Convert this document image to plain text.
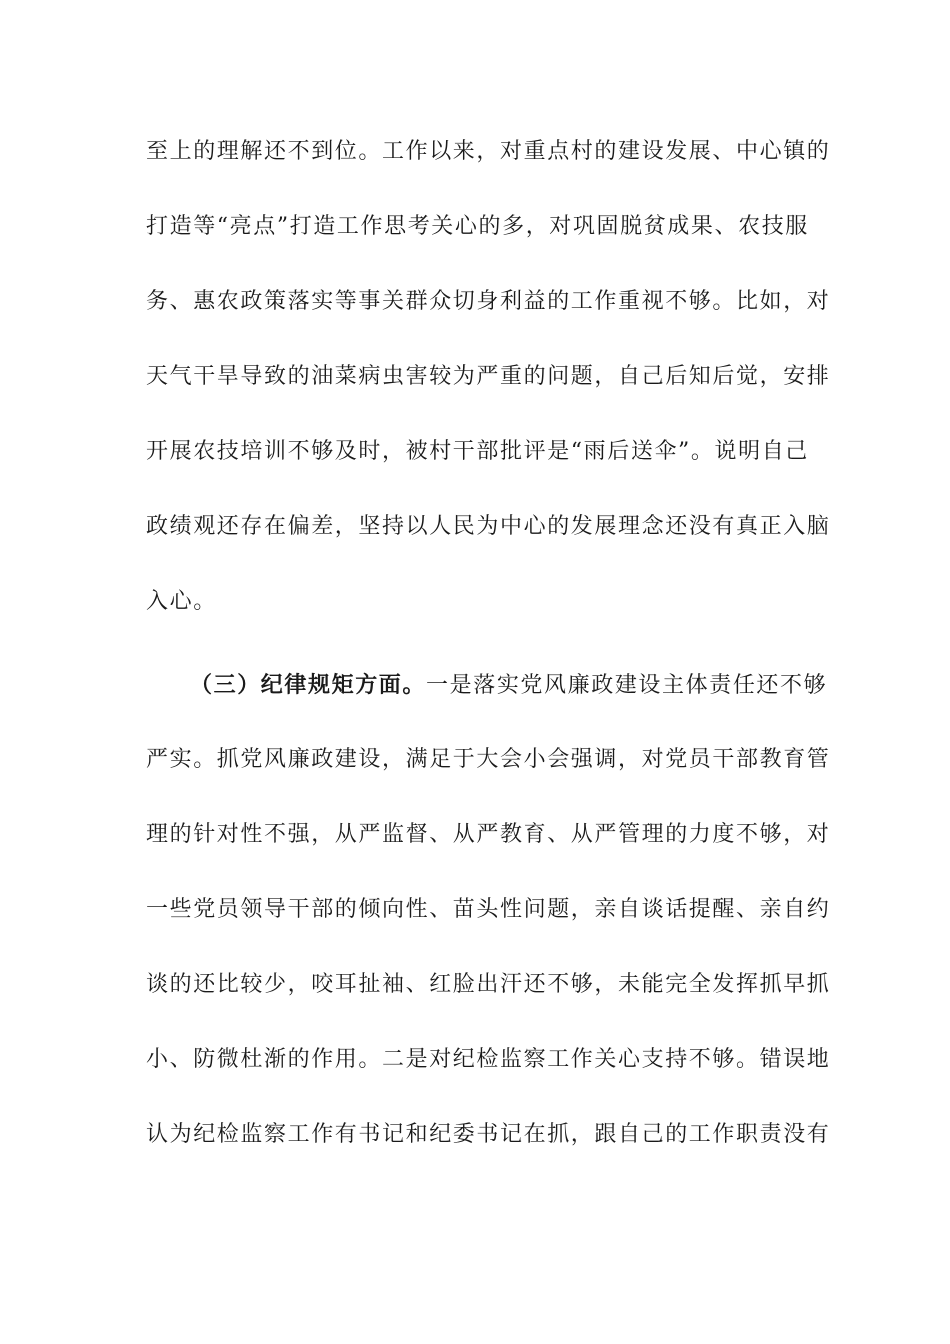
至上的理解还不到位。工作以来，对重点村的建设发展、中心镇的
打造等“亮点”打造工作思考关心的多，对巩固脱贫成果、农技服
务、惠农政策落实等事关群众切身利益的工作重视不够。比如，对
天气干旱导致的油菜病虫害较为严重的问题，自己后知后觉，安排
开展农技培训不够及时，被村干部批评是“雨后送伞”。说明自己
政绩观还存在偏差，坚持以人民为中心的发展理念还没有真正入脑
入心。
（三）纪律规矩方面。一是落实党风廉政建设主体责任还不够
严实。抓党风廉政建设，满足于大会小会强调，对党员干部教育管
理的针对性不强，从严监督、从严教育、从严管理的力度不够，对
一些党员领导干部的倾向性、苗头性问题，亲自谈话提醒、亲自约
谈的还比较少，咬耳扯袖、红脸出汗还不够，未能完全发挥抓早抓
小、防微杜渐的作用。二是对纪检监察工作关心支持不够。错误地
认为纪检监察工作有书记和纪委书记在抓，跟自己的工作职责没有
